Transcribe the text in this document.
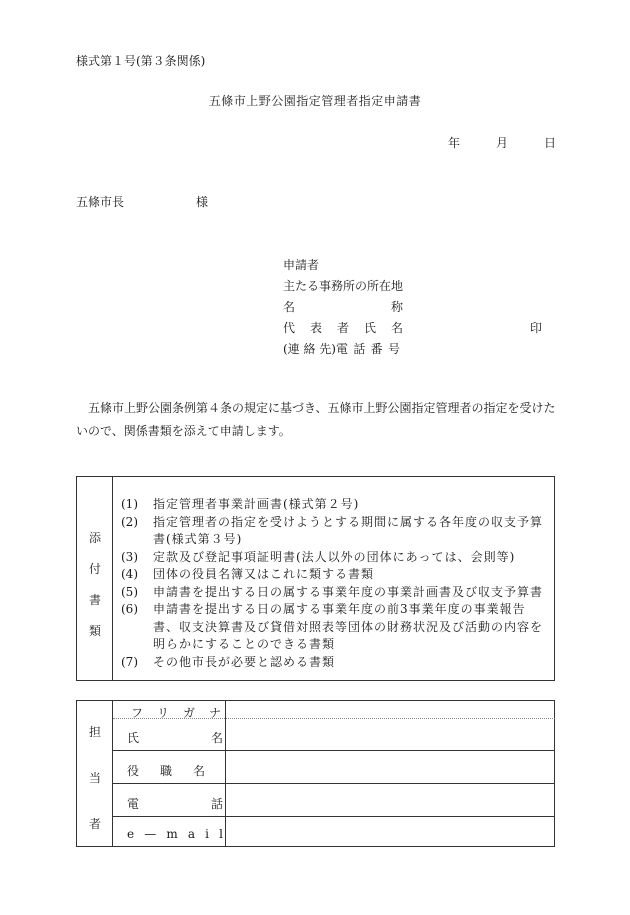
様式第１号(第３条関係)
五條市上野公園指定管理者指定申請書
年	月	日
五條市長	様
申請者
主たる事務所の所在地
名	称
代 表 者 氏 名	印
(連 絡 先) 電 話 番 号
五條市上野公園条例第４条の規定に基づき、五條市上野公園指定管理者の指定を受けたいので、関係書類を添えて申請します。
添
付
書
類
(1)	指定管理者事業計画書(様式第２号)
(2)	指定管理者の指定を受けようとする期間に属する各年度の収支予算書(様式第３号)
(3)	定款及び登記事項証明書(法人以外の団体にあっては、会則等)
(4)	団体の役員名簿又はこれに類する書類
(5)	申請書を提出する日の属する事業年度の事業計画書及び収支予算書
(6)	申請書を提出する日の属する事業年度の前3事業年度の事業報告書、収支決算書及び貸借対照表等団体の財務状況及び活動の内容を明らかにすることのできる書類
(7)	その他市長が必要と認める書類
担
当
者
フ リ ガ ナ
氏	名
役 職 名
電	話
e — m a i l
